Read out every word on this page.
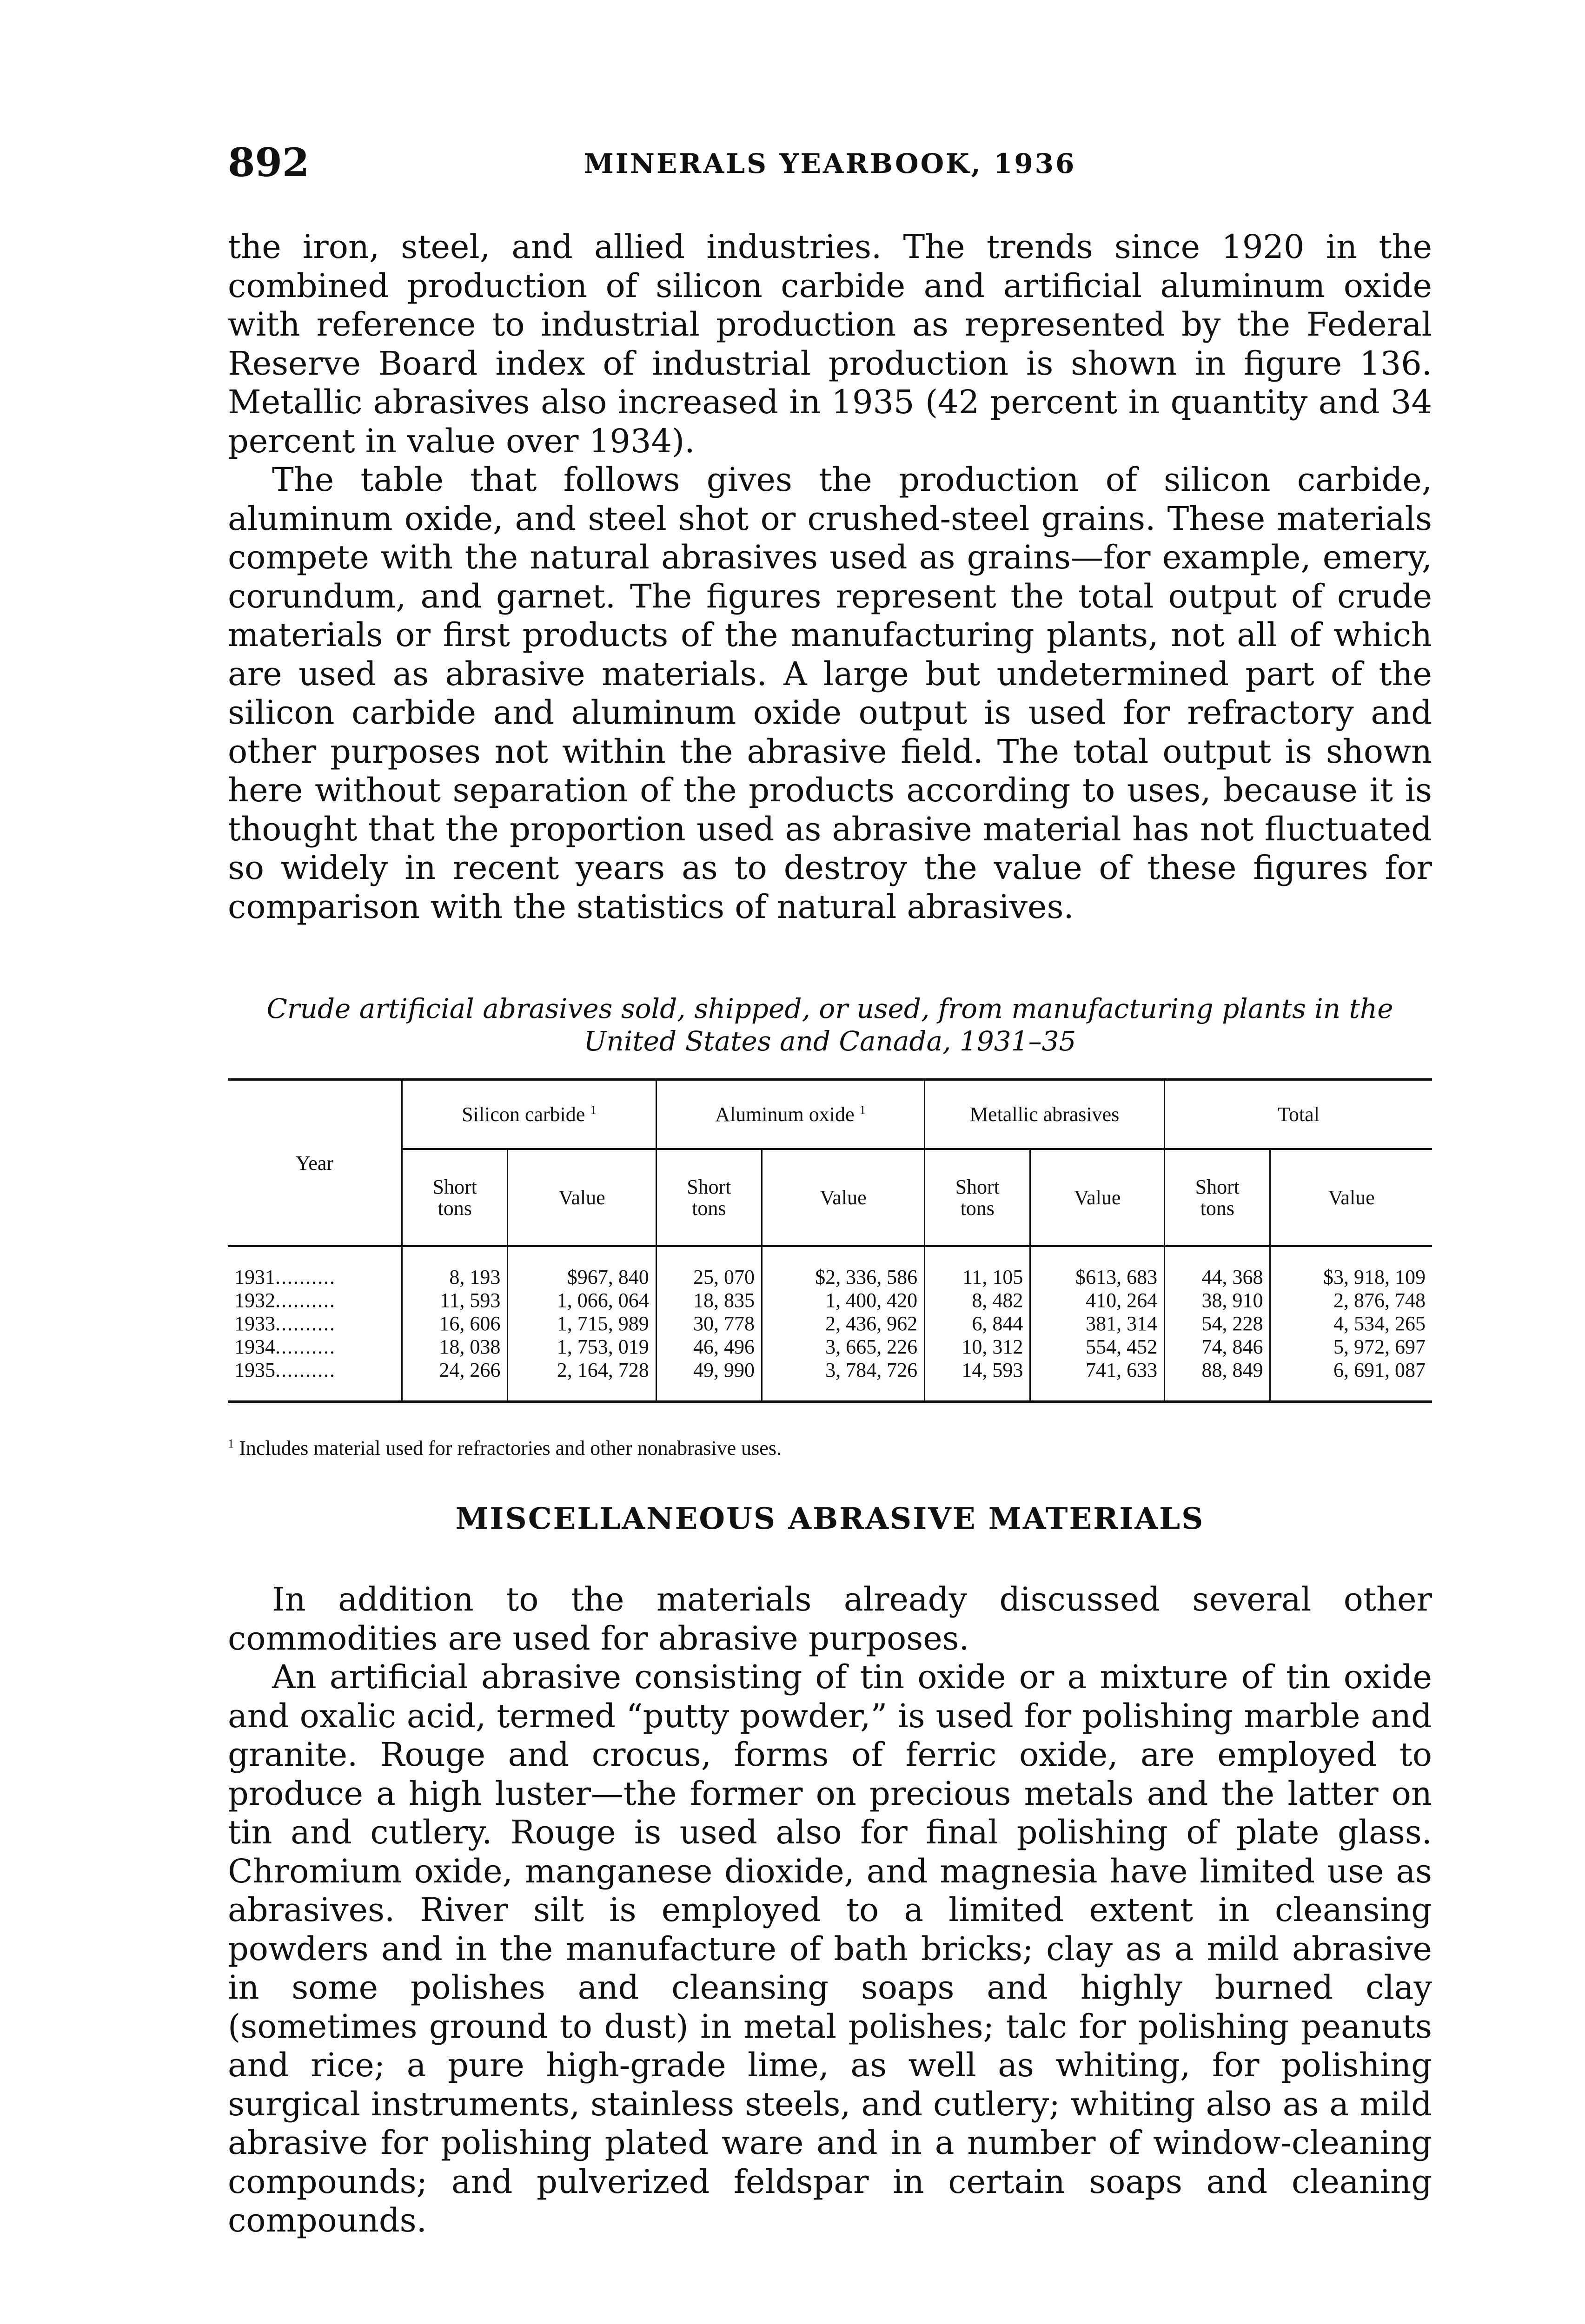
892	MINERALS YEARBOOK, 1936

the iron, steel, and allied industries. The trends since 1920 in the combined production of silicon carbide and artificial aluminum oxide with reference to industrial production as represented by the Federal Reserve Board index of industrial production is shown in figure 136. Metallic abrasives also increased in 1935 (42 percent in quantity and 34 percent in value over 1934).

The table that follows gives the production of silicon carbide, aluminum oxide, and steel shot or crushed-steel grains. These materials compete with the natural abrasives used as grains—for example, emery, corundum, and garnet. The figures represent the total output of crude materials or first products of the manufacturing plants, not all of which are used as abrasive materials. A large but undetermined part of the silicon carbide and aluminum oxide output is used for refractory and other purposes not within the abrasive field. The total output is shown here without separation of the products according to uses, because it is thought that the proportion used as abrasive material has not fluctuated so widely in recent years as to destroy the value of these figures for comparison with the statistics of natural abrasives.

Crude artificial abrasives sold, shipped, or used, from manufacturing plants in the
United States and Canada, 1931–35
Year	Silicon carbide $^1$		Aluminum oxide $^1$		Metallic abrasives		Total	
	Short
tons	Value	Short
tons	Value	Short
tons	Value	Short
tons	Value
1931..........	8, 193	$967, 840	25, 070	$2, 336, 586	11, 105	$613, 683	44, 368	$3, 918, 109
1932..........	11, 593	1, 066, 064	18, 835	1, 400, 420	8, 482	410, 264	38, 910	2, 876, 748
1933..........	16, 606	1, 715, 989	30, 778	2, 436, 962	6, 844	381, 314	54, 228	4, 534, 265
1934..........	18, 038	1, 753, 019	46, 496	3, 665, 226	10, 312	554, 452	74, 846	5, 972, 697
1935..........	24, 266	2, 164, 728	49, 990	3, 784, 726	14, 593	741, 633	88, 849	6, 691, 087
$^1$ Includes material used for refractories and other nonabrasive uses.
MISCELLANEOUS ABRASIVE MATERIALS

In addition to the materials already discussed several other commodities are used for abrasive purposes.

An artificial abrasive consisting of tin oxide or a mixture of tin oxide and oxalic acid, termed “putty powder,” is used for polishing marble and granite. Rouge and crocus, forms of ferric oxide, are employed to produce a high luster—the former on precious metals and the latter on tin and cutlery. Rouge is used also for final polishing of plate glass. Chromium oxide, manganese dioxide, and magnesia have limited use as abrasives. River silt is employed to a limited extent in cleansing powders and in the manufacture of bath bricks; clay as a mild abrasive in some polishes and cleansing soaps and highly burned clay (sometimes ground to dust) in metal polishes; talc for polishing peanuts and rice; a pure high-grade lime, as well as whiting, for polishing surgical instruments, stainless steels, and cutlery; whiting also as a mild abrasive for polishing plated ware and in a number of window-cleaning compounds; and pulverized feldspar in certain soaps and cleaning compounds.
